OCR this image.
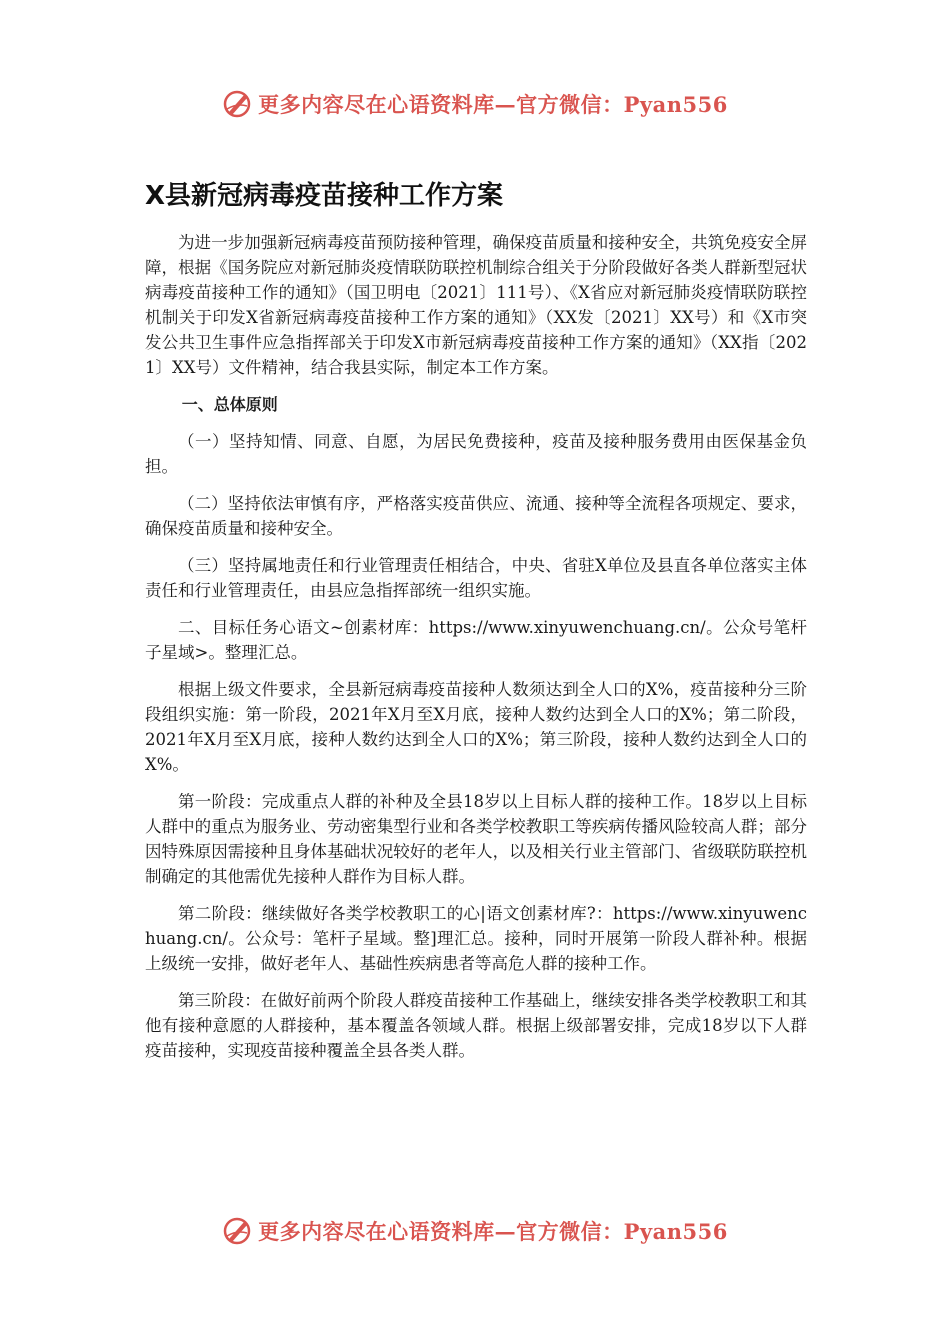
更多内容尽在心语资料库—官方微信：Pyan556
X县新冠病毒疫苗接种工作方案

为进一步加强新冠病毒疫苗预防接种管理，确保疫苗质量和接种安全，共筑免疫安全屏障，根据《国务院应对新冠肺炎疫情联防联控机制综合组关于分阶段做好各类人群新型冠状病毒疫苗接种工作的通知》（国卫明电〔2021〕111号）、《X省应对新冠肺炎疫情联防联控机制关于印发X省新冠病毒疫苗接种工作方案的通知》（XX发〔2021〕XX号）和《X市突发公共卫生事件应急指挥部关于印发X市新冠病毒疫苗接种工作方案的通知》（XX指〔2021〕XX号）文件精神，结合我县实际，制定本工作方案。

一、总体原则

（一）坚持知情、同意、自愿，为居民免费接种，疫苗及接种服务费用由医保基金负担。

（二）坚持依法审慎有序，严格落实疫苗供应、流通、接种等全流程各项规定、要求，确保疫苗质量和接种安全。

（三）坚持属地责任和行业管理责任相结合，中央、省驻X单位及县直各单位落实主体责任和行业管理责任，由县应急指挥部统一组织实施。

二、目标任务心语文~创素材库：https://www.xinyuwenchuang.cn/。公众号笔杆子星域>。整理汇总。

根据上级文件要求，全县新冠病毒疫苗接种人数须达到全人口的X%，疫苗接种分三阶段组织实施：第一阶段，2021年X月至X月底，接种人数约达到全人口的X%；第二阶段，2021年X月至X月底，接种人数约达到全人口的X%；第三阶段，接种人数约达到全人口的X%。

第一阶段：完成重点人群的补种及全县18岁以上目标人群的接种工作。18岁以上目标人群中的重点为服务业、劳动密集型行业和各类学校教职工等疾病传播风险较高人群；部分因特殊原因需接种且身体基础状况较好的老年人，以及相关行业主管部门、省级联防联控机制确定的其他需优先接种人群作为目标人群。

第二阶段：继续做好各类学校教职工的心|语文创素材库?：https://www.xinyuwenchuang.cn/。公众号：笔杆子星域。整]理汇总。接种，同时开展第一阶段人群补种。根据上级统一安排，做好老年人、基础性疾病患者等高危人群的接种工作。

第三阶段：在做好前两个阶段人群疫苗接种工作基础上，继续安排各类学校教职工和其他有接种意愿的人群接种，基本覆盖各领域人群。根据上级部署安排，完成18岁以下人群疫苗接种，实现疫苗接种覆盖全县各类人群。

更多内容尽在心语资料库—官方微信：Pyan556
